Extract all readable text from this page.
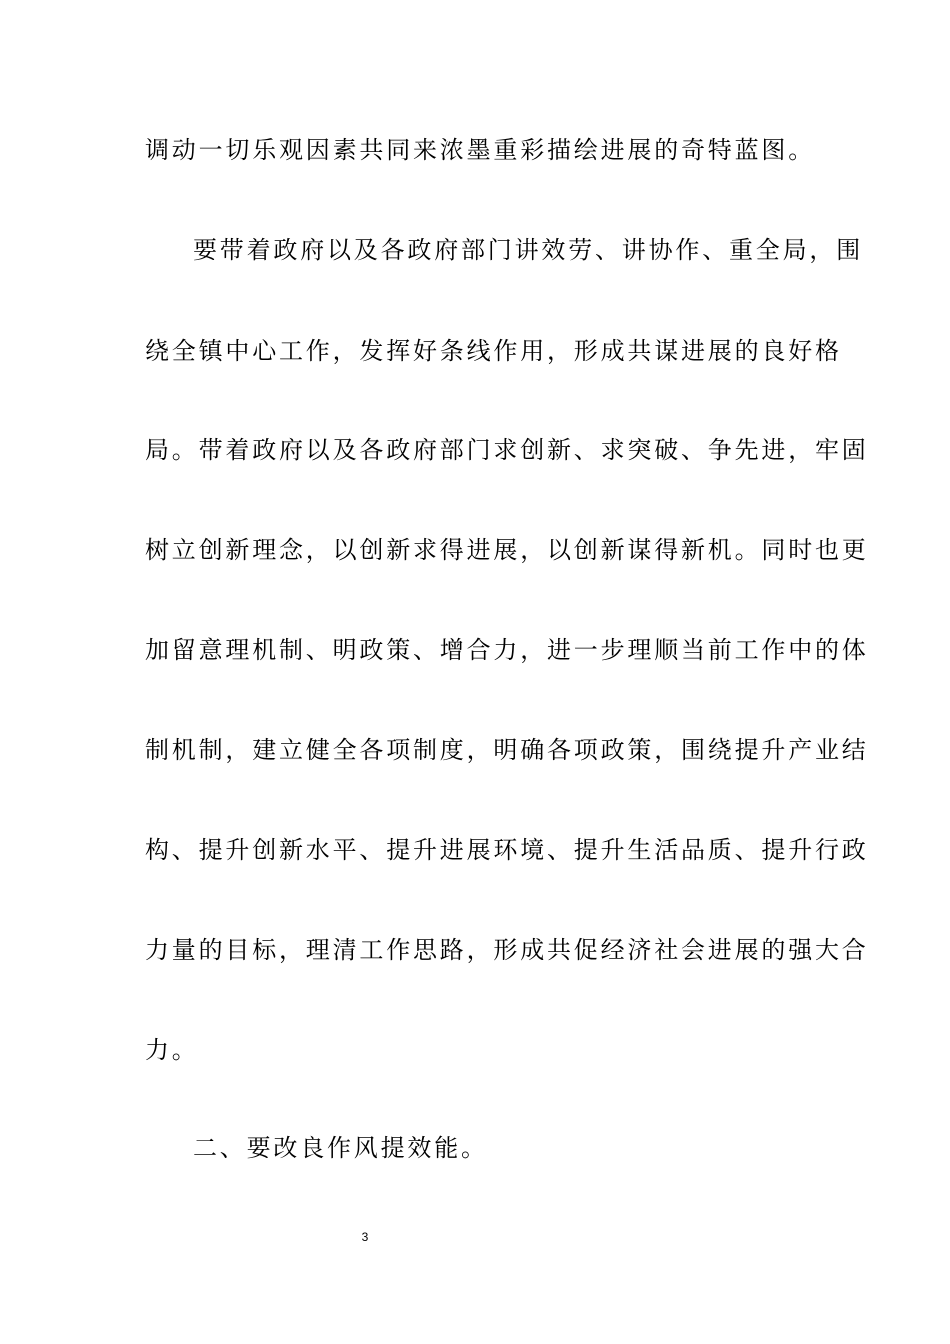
调动一切乐观因素共同来浓墨重彩描绘进展的奇特蓝图。
要带着政府以及各政府部门讲效劳、讲协作、重全局，围
绕全镇中心工作，发挥好条线作用，形成共谋进展的良好格
局。带着政府以及各政府部门求创新、求突破、争先进，牢固
树立创新理念，以创新求得进展，以创新谋得新机。同时也更
加留意理机制、明政策、增合力，进一步理顺当前工作中的体
制机制，建立健全各项制度，明确各项政策，围绕提升产业结
构、提升创新水平、提升进展环境、提升生活品质、提升行政
力量的目标，理清工作思路，形成共促经济社会进展的强大合
力。
二、要改良作风提效能。
3
